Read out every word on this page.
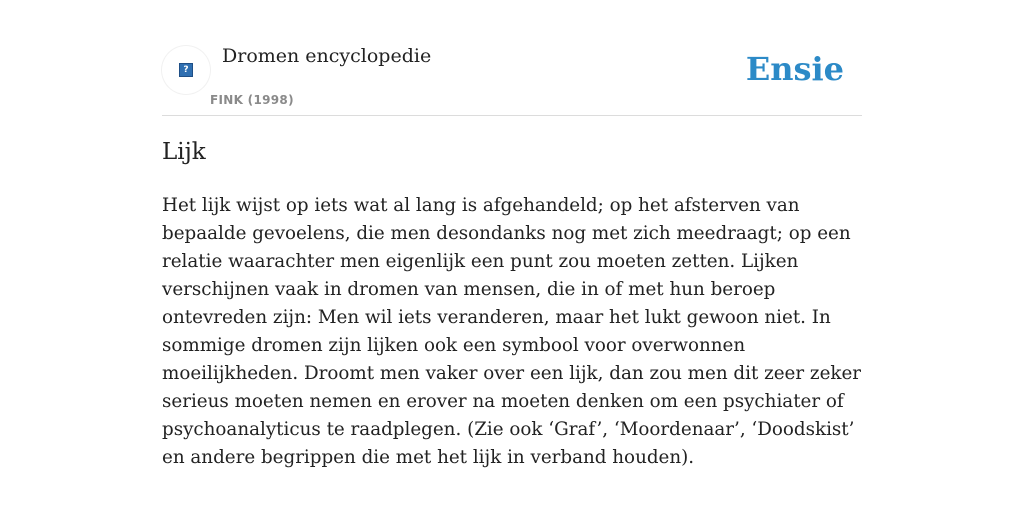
?
Dromen encyclopedie
FINK (1998)
Ensie
Lijk

Het lijk wijst op iets wat al lang is afgehandeld; op het afsterven van bepaalde gevoelens, die men desondanks nog met zich meedraagt; op een relatie waarachter men eigenlijk een punt zou moeten zetten. Lijken verschijnen vaak in dromen van mensen, die in of met hun beroep ontevreden zijn: Men wil iets veranderen, maar het lukt gewoon niet. In sommige dromen zijn lijken ook een symbool voor overwonnen moeilijkheden. Droomt men vaker over een lijk, dan zou men dit zeer zeker serieus moeten nemen en erover na moeten denken om een psychiater of psychoanalyticus te raadplegen. (Zie ook ‘Graf’, ‘Moordenaar’, ‘Doodskist’ en andere begrippen die met het lijk in verband houden).
